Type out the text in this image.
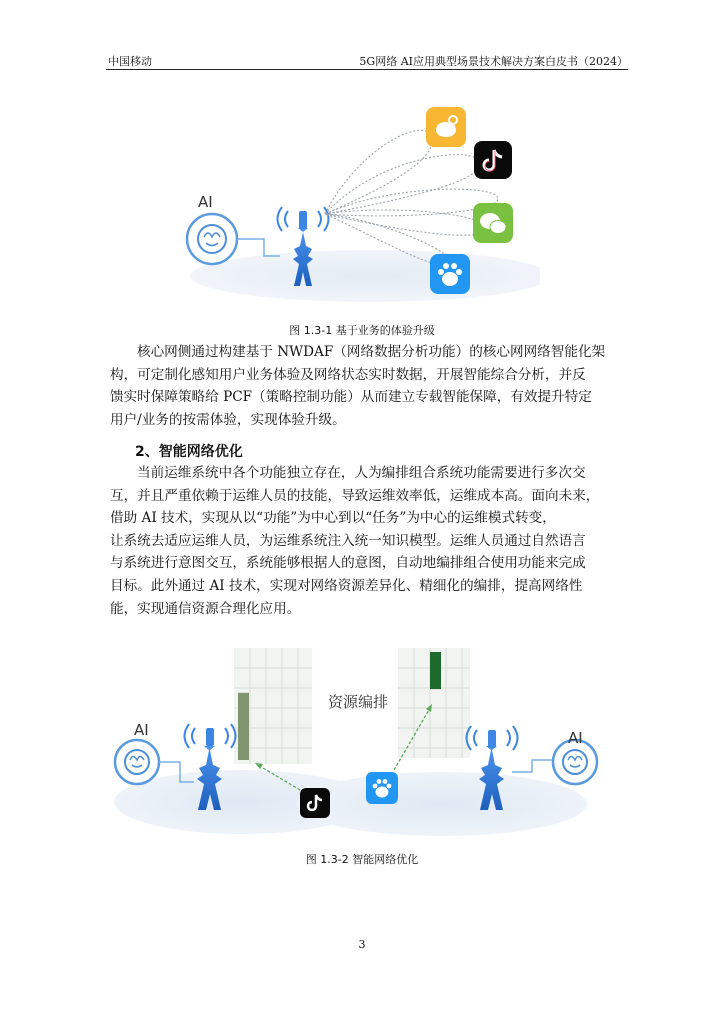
中国移动	5G网络 AI应用典型场景技术解决方案白皮书（2024）
AI
图 1.3-1 基于业务的体验升级

核心网侧通过构建基于 NWDAF（网络数据分析功能）的核心网网络智能化架
构，可定制化感知用户业务体验及网络状态实时数据，开展智能综合分析，并反
馈实时保障策略给 PCF（策略控制功能）从而建立专载智能保障，有效提升特定
用户/业务的按需体验，实现体验升级。

2、智能网络优化

当前运维系统中各个功能独立存在，人为编排组合系统功能需要进行多次交
互，并且严重依赖于运维人员的技能，导致运维效率低，运维成本高。面向未来，
借助 AI 技术，实现从以“功能”为中心到以“任务”为中心的运维模式转变，
让系统去适应运维人员，为运维系统注入统一知识模型。运维人员通过自然语言
与系统进行意图交互，系统能够根据人的意图，自动地编排组合使用功能来完成
目标。此外通过 AI 技术，实现对网络资源差异化、精细化的编排，提高网络性
能，实现通信资源合理化应用。

资源编排
AI	AI
图 1.3-2 智能网络优化
3
